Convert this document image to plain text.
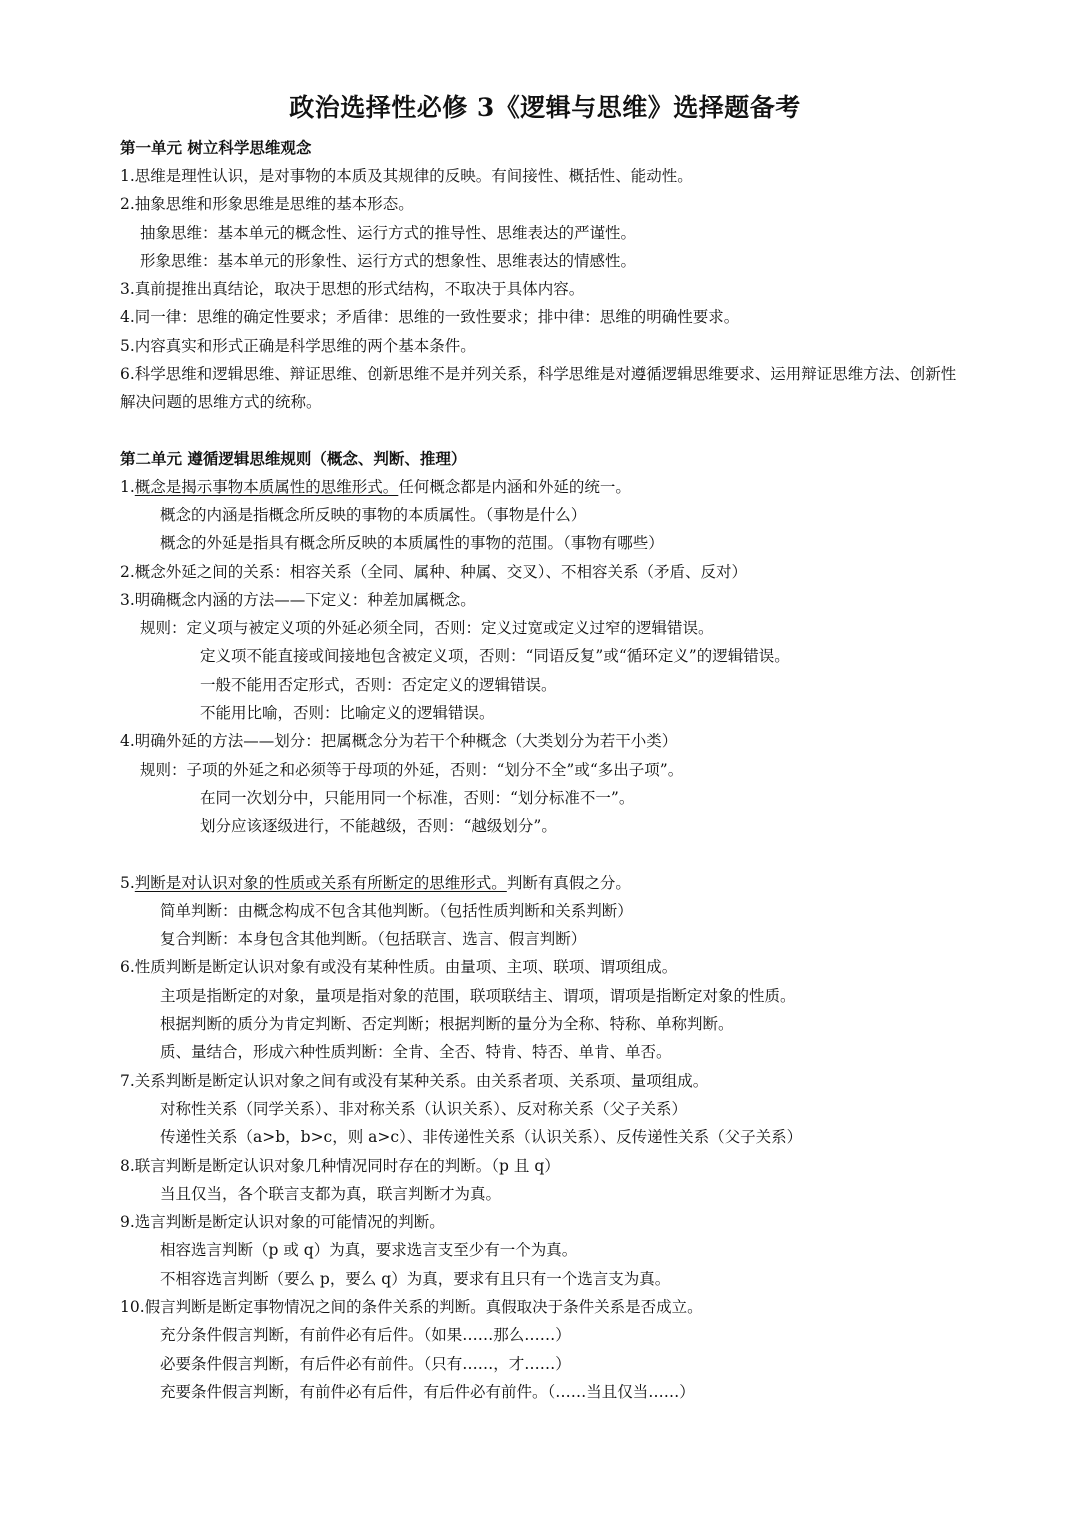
政治选择性必修 3《逻辑与思维》选择题备考
第一单元 树立科学思维观念

1.思维是理性认识，是对事物的本质及其规律的反映。有间接性、概括性、能动性。

2.抽象思维和形象思维是思维的基本形态。

抽象思维：基本单元的概念性、运行方式的推导性、思维表达的严谨性。

形象思维：基本单元的形象性、运行方式的想象性、思维表达的情感性。

3.真前提推出真结论，取决于思想的形式结构，不取决于具体内容。

4.同一律：思维的确定性要求；矛盾律：思维的一致性要求；排中律：思维的明确性要求。

5.内容真实和形式正确是科学思维的两个基本条件。

6.科学思维和逻辑思维、辩证思维、创新思维不是并列关系，科学思维是对遵循逻辑思维要求、运用辩证思维方法、创新性解决问题的思维方式的统称。

第二单元 遵循逻辑思维规则（概念、判断、推理）

1.概念是揭示事物本质属性的思维形式。任何概念都是内涵和外延的统一。

概念的内涵是指概念所反映的事物的本质属性。（事物是什么）

概念的外延是指具有概念所反映的本质属性的事物的范围。（事物有哪些）

2.概念外延之间的关系：相容关系（全同、属种、种属、交叉）、不相容关系（矛盾、反对）

3.明确概念内涵的方法——下定义：种差加属概念。

规则：定义项与被定义项的外延必须全同，否则：定义过宽或定义过窄的逻辑错误。

定义项不能直接或间接地包含被定义项，否则：“同语反复”或“循环定义”的逻辑错误。

一般不能用否定形式，否则：否定定义的逻辑错误。

不能用比喻，否则：比喻定义的逻辑错误。

4.明确外延的方法——划分：把属概念分为若干个种概念（大类划分为若干小类）

规则：子项的外延之和必须等于母项的外延，否则：“划分不全”或“多出子项”。

在同一次划分中，只能用同一个标准，否则：“划分标准不一”。

划分应该逐级进行，不能越级，否则：“越级划分”。

5.判断是对认识对象的性质或关系有所断定的思维形式。判断有真假之分。

简单判断：由概念构成不包含其他判断。（包括性质判断和关系判断）

复合判断：本身包含其他判断。（包括联言、选言、假言判断）

6.性质判断是断定认识对象有或没有某种性质。由量项、主项、联项、谓项组成。

主项是指断定的对象，量项是指对象的范围，联项联结主、谓项，谓项是指断定对象的性质。

根据判断的质分为肯定判断、否定判断；根据判断的量分为全称、特称、单称判断。

质、量结合，形成六种性质判断：全肯、全否、特肯、特否、单肯、单否。

7.关系判断是断定认识对象之间有或没有某种关系。由关系者项、关系项、量项组成。

对称性关系（同学关系）、非对称关系（认识关系）、反对称关系（父子关系）

传递性关系（a>b，b>c，则 a>c）、非传递性关系（认识关系）、反传递性关系（父子关系）

8.联言判断是断定认识对象几种情况同时存在的判断。（p 且 q）

当且仅当，各个联言支都为真，联言判断才为真。

9.选言判断是断定认识对象的可能情况的判断。

相容选言判断（p 或 q）为真，要求选言支至少有一个为真。

不相容选言判断（要么 p，要么 q）为真，要求有且只有一个选言支为真。

10.假言判断是断定事物情况之间的条件关系的判断。真假取决于条件关系是否成立。

充分条件假言判断，有前件必有后件。（如果……那么……）

必要条件假言判断，有后件必有前件。（只有……，才……）

充要条件假言判断，有前件必有后件，有后件必有前件。（……当且仅当……）
